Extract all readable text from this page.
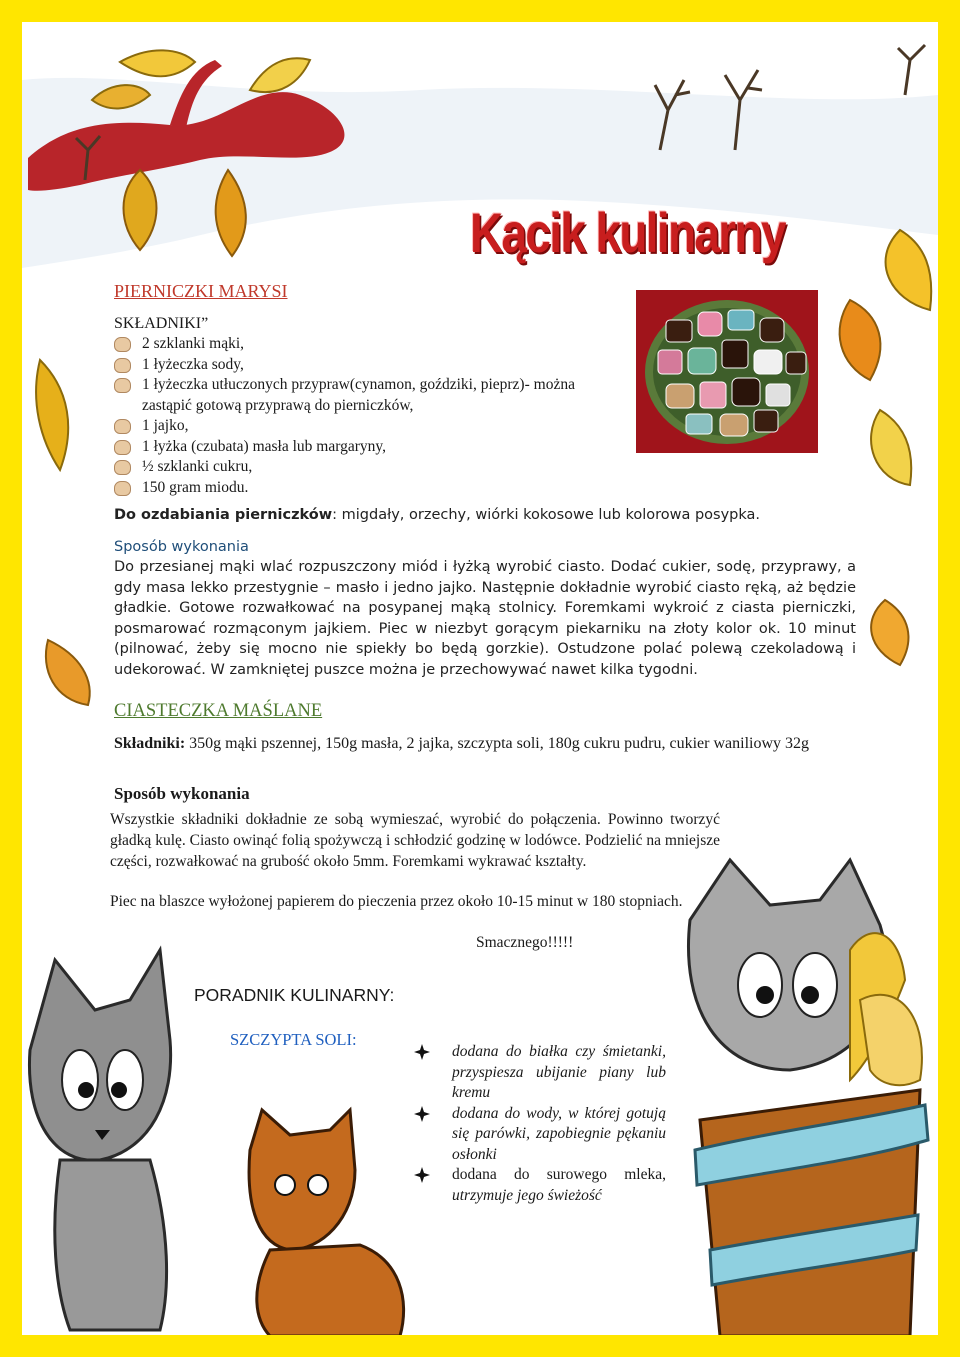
Kącik kulinarny
PIERNICZKI MARYSI
SKŁADNIKI”
2 szklanki mąki,
1 łyżeczka sody,
1 łyżeczka utłuczonych przypraw(cynamon, goździki, pieprz)- można zastąpić gotową przyprawą do pierniczków,
1 jajko,
1 łyżka (czubata) masła lub margaryny,
½ szklanki cukru,
150 gram miodu.
Do ozdabiania pierniczków: migdały, orzechy, wiórki kokosowe lub kolorowa posypka.
Sposób wykonania
Do przesianej mąki wlać rozpuszczony miód i łyżką wyrobić ciasto. Dodać cukier, sodę, przyprawy, a gdy masa lekko przestygnie – masło i jedno jajko. Następnie dokładnie wyrobić ciasto ręką, aż będzie gładkie. Gotowe rozwałkować na posypanej mąką stolnicy. Foremkami wykroić z ciasta pierniczki, posmarować rozmąconym jajkiem. Piec w niezbyt gorącym piekarniku na złoty kolor ok. 10 minut (pilnować, żeby się mocno nie spiekły bo będą gorzkie). Ostudzone polać polewą czekoladową i udekorować. W zamkniętej puszce można je przechowywać nawet kilka tygodni.
CIASTECZKA MAŚLANE
Składniki: 350g mąki pszennej, 150g masła, 2 jajka, szczypta soli, 180g cukru pudru, cukier waniliowy 32g
Sposób wykonania
Wszystkie składniki dokładnie ze sobą wymieszać, wyrobić do połączenia. Powinno tworzyć gładką kulę. Ciasto owinąć folią spożywczą i schłodzić godzinę w lodówce. Podzielić na mniejsze części, rozwałkować na grubość około 5mm. Foremkami wykrawać kształty.
Piec na blaszce wyłożonej papierem do pieczenia przez około 10-15 minut w 180 stopniach.
Smacznego!!!!!
PORADNIK KULINARNY:
SZCZYPTA SOLI:
dodana do białka czy śmietanki, przyspiesza ubijanie piany lub kremu
dodana do wody, w której gotują się parówki, zapobiegnie pękaniu osłonki
dodana do surowego mleka, utrzymuje jego świeżość
